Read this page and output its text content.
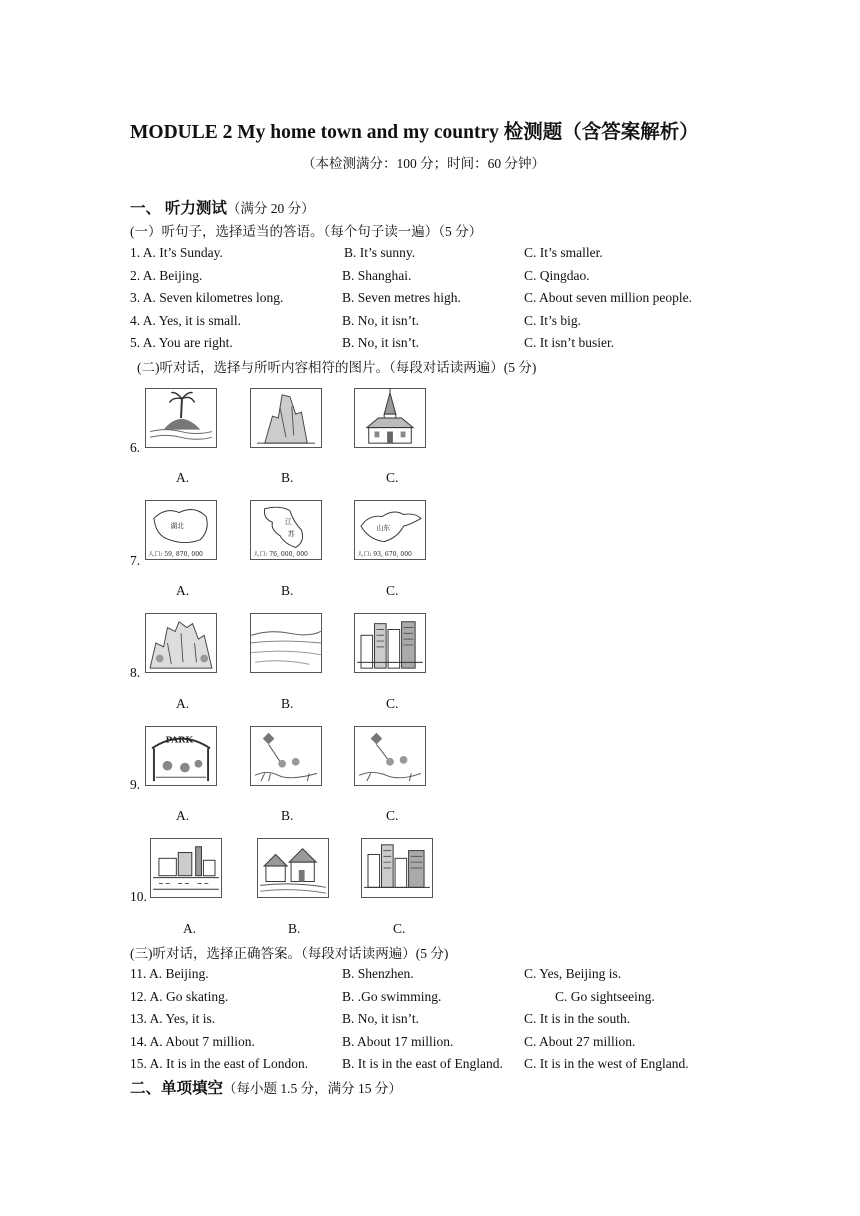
MODULE 2 My home town and my country 检测题（含答案解析）
（本检测满分：100 分；时间：60 分钟）
一、 听力测试（满分 20 分）
(一）听句子，选择适当的答语。（每个句子读一遍）（5 分）
1. A. It’s Sunday.	B. It’s sunny.	C. It’s smaller.
2. A. Beijing.	B. Shanghai.	C. Qingdao.
3. A. Seven kilometres long.	B. Seven metres high.	C. About seven million people.
4. A. Yes, it is small.	B. No, it isn’t.	C. It’s big.
5. A. You are right.	B. No, it isn’t.	C. It isn’t busier.
(二)听对话，选择与所听内容相符的图片。（每段对话读两遍）(5 分)
6.
A.	B.	C.
7.
湖北
人口: 59, 870, 000
江
苏
人口: 76, 000, 000
山东
人口: 93, 670, 000
A.	B.	C.
8.
A.	B.	C.
9.
PARK
A.	B.	C.
10.
A.	B.	C.
(三)听对话，选择正确答案。（每段对话读两遍）(5 分)
11. A. Beijing.	B. Shenzhen.	C. Yes, Beijing is.
12. A. Go skating.	B. .Go swimming.	C. Go sightseeing.
13. A. Yes, it is.	B. No, it isn’t.	C. It is in the south.
14. A. About 7 million.	B. About 17 million.	C. About 27 million.
15. A. It is in the east of London.	B. It is in the east of England. C. It is in the west of England.
二、单项填空（每小题 1.5 分，满分 15 分）
